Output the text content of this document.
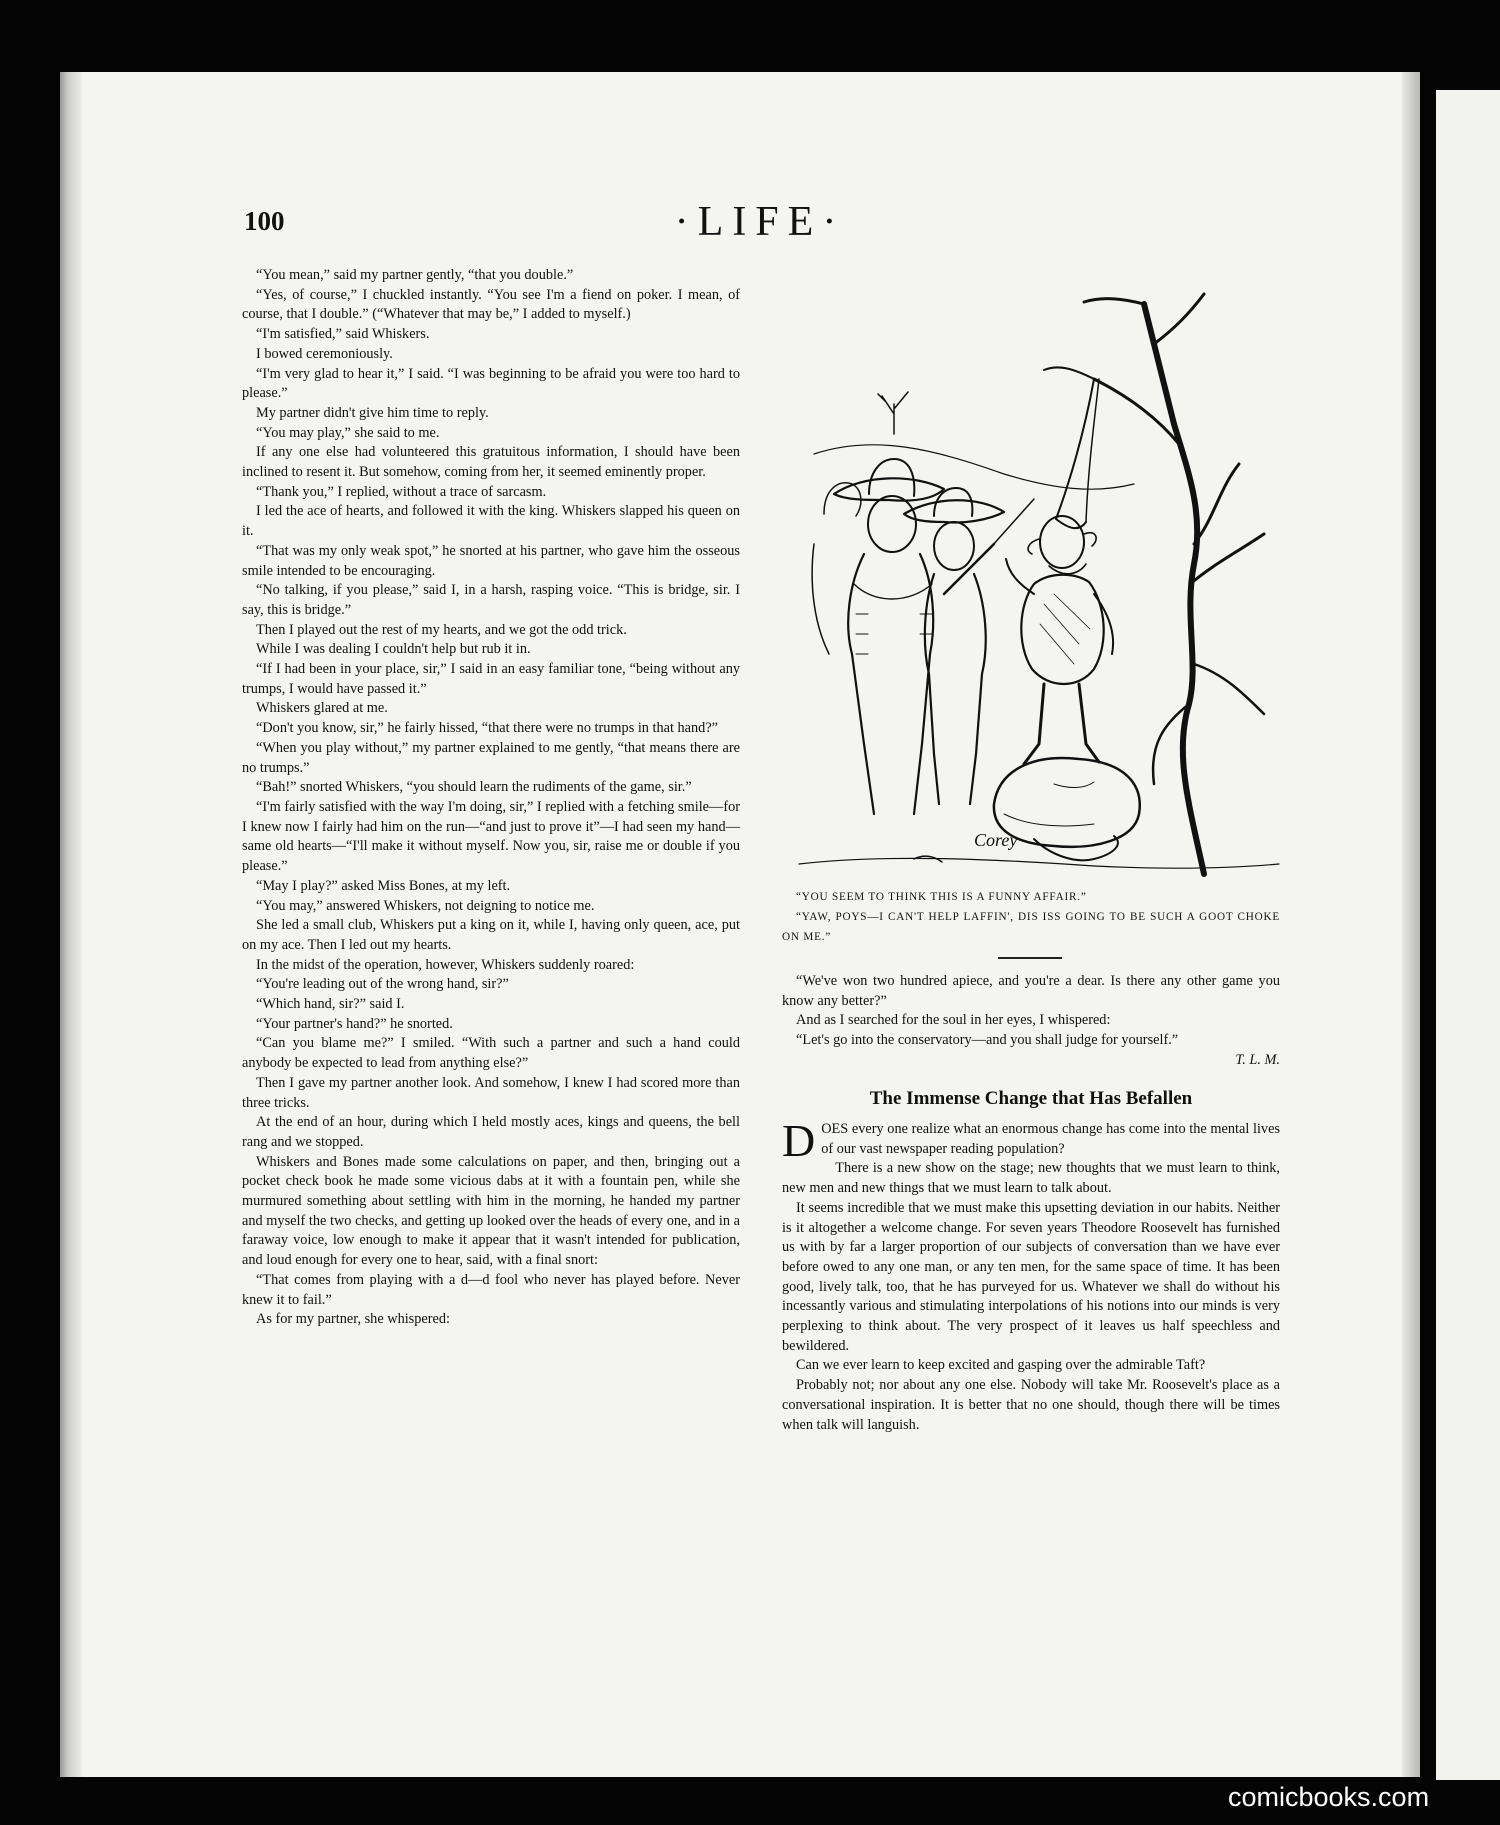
100	·LIFE·

“You mean,” said my partner gently, “that you double.”

“Yes, of course,” I chuckled instantly. “You see I'm a fiend on poker. I mean, of course, that I double.” (“Whatever that may be,” I added to myself.)

“I'm satisfied,” said Whiskers.

I bowed ceremoniously.

“I'm very glad to hear it,” I said. “I was beginning to be afraid you were too hard to please.”

My partner didn't give him time to reply.

“You may play,” she said to me.

If any one else had volunteered this gratuitous information, I should have been inclined to resent it. But somehow, coming from her, it seemed eminently proper.

“Thank you,” I replied, without a trace of sarcasm.

I led the ace of hearts, and followed it with the king. Whiskers slapped his queen on it.

“That was my only weak spot,” he snorted at his partner, who gave him the osseous smile intended to be encouraging.

“No talking, if you please,” said I, in a harsh, rasping voice. “This is bridge, sir. I say, this is bridge.”

Then I played out the rest of my hearts, and we got the odd trick.

While I was dealing I couldn't help but rub it in.

“If I had been in your place, sir,” I said in an easy familiar tone, “being without any trumps, I would have passed it.”

Whiskers glared at me.

“Don't you know, sir,” he fairly hissed, “that there were no trumps in that hand?”

“When you play without,” my partner explained to me gently, “that means there are no trumps.”

“Bah!” snorted Whiskers, “you should learn the rudiments of the game, sir.”

“I'm fairly satisfied with the way I'm doing, sir,” I replied with a fetching smile—for I knew now I fairly had him on the run—“and just to prove it”—I had seen my hand—same old hearts—“I'll make it without myself. Now you, sir, raise me or double if you please.”

“May I play?” asked Miss Bones, at my left.

“You may,” answered Whiskers, not deigning to notice me.

She led a small club, Whiskers put a king on it, while I, having only queen, ace, put on my ace. Then I led out my hearts.

In the midst of the operation, however, Whiskers suddenly roared:

“You're leading out of the wrong hand, sir?”

“Which hand, sir?” said I.

“Your partner's hand?” he snorted.

“Can you blame me?” I smiled. “With such a partner and such a hand could anybody be expected to lead from anything else?”

Then I gave my partner another look. And somehow, I knew I had scored more than three tricks.

At the end of an hour, during which I held mostly aces, kings and queens, the bell rang and we stopped.

Whiskers and Bones made some calculations on paper, and then, bringing out a pocket check book he made some vicious dabs at it with a fountain pen, while she murmured something about settling with him in the morning, he handed my partner and myself the two checks, and getting up looked over the heads of every one, and in a faraway voice, low enough to make it appear that it wasn't intended for publication, and loud enough for every one to hear, said, with a final snort:

“That comes from playing with a d—d fool who never has played before. Never knew it to fail.”

As for my partner, she whispered:

Corey

“YOU SEEM TO THINK THIS IS A FUNNY AFFAIR.”

“YAW, POYS—I CAN'T HELP LAFFIN', DIS ISS GOING TO BE SUCH A GOOT CHOKE ON ME.”

“We've won two hundred apiece, and you're a dear. Is there any other game you know any better?”

And as I searched for the soul in her eyes, I whispered:

“Let's go into the conservatory—and you shall judge for yourself.”

T. L. M.

The Immense Change that Has Befallen

DOES every one realize what an enormous change has come into the mental lives of our vast newspaper reading population?

There is a new show on the stage; new thoughts that we must learn to think, new men and new things that we must learn to talk about.

It seems incredible that we must make this upsetting deviation in our habits. Neither is it altogether a welcome change. For seven years Theodore Roosevelt has furnished us with by far a larger proportion of our subjects of conversation than we have ever before owed to any one man, or any ten men, for the same space of time. It has been good, lively talk, too, that he has purveyed for us. Whatever we shall do without his incessantly various and stimulating interpolations of his notions into our minds is very perplexing to think about. The very prospect of it leaves us half speechless and bewildered.

Can we ever learn to keep excited and gasping over the admirable Taft?

Probably not; nor about any one else. Nobody will take Mr. Roosevelt's place as a conversational inspiration. It is better that no one should, though there will be times when talk will languish.

comicbooks.com
